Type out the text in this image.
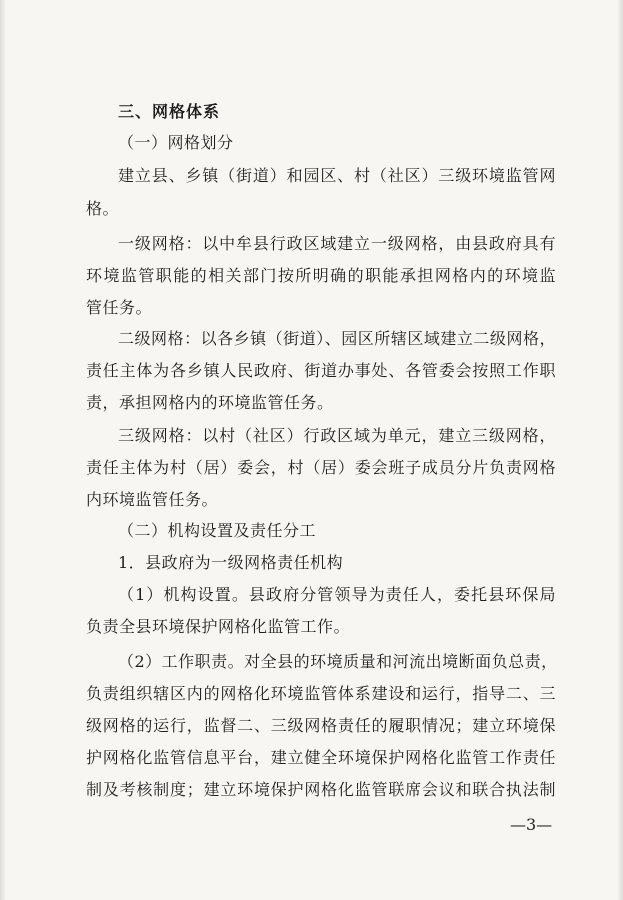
三、网格体系
（一）网格划分
建立县、乡镇（街道）和园区、村（社区）三级环境监管网
格。
一级网格：以中牟县行政区域建立一级网格，由县政府具有
环境监管职能的相关部门按所明确的职能承担网格内的环境监
管任务。
二级网格：以各乡镇（街道）、园区所辖区域建立二级网格，
责任主体为各乡镇人民政府、街道办事处、各管委会按照工作职
责，承担网格内的环境监管任务。
三级网格：以村（社区）行政区域为单元，建立三级网格，
责任主体为村（居）委会，村（居）委会班子成员分片负责网格
内环境监管任务。
（二）机构设置及责任分工
1．县政府为一级网格责任机构
（1）机构设置。县政府分管领导为责任人，委托县环保局
负责全县环境保护网格化监管工作。
（2）工作职责。对全县的环境质量和河流出境断面负总责，
负责组织辖区内的网格化环境监管体系建设和运行，指导二、三
级网格的运行，监督二、三级网格责任的履职情况；建立环境保
护网格化监管信息平台，建立健全环境保护网格化监管工作责任
制及考核制度；建立环境保护网格化监管联席会议和联合执法制
—3—
